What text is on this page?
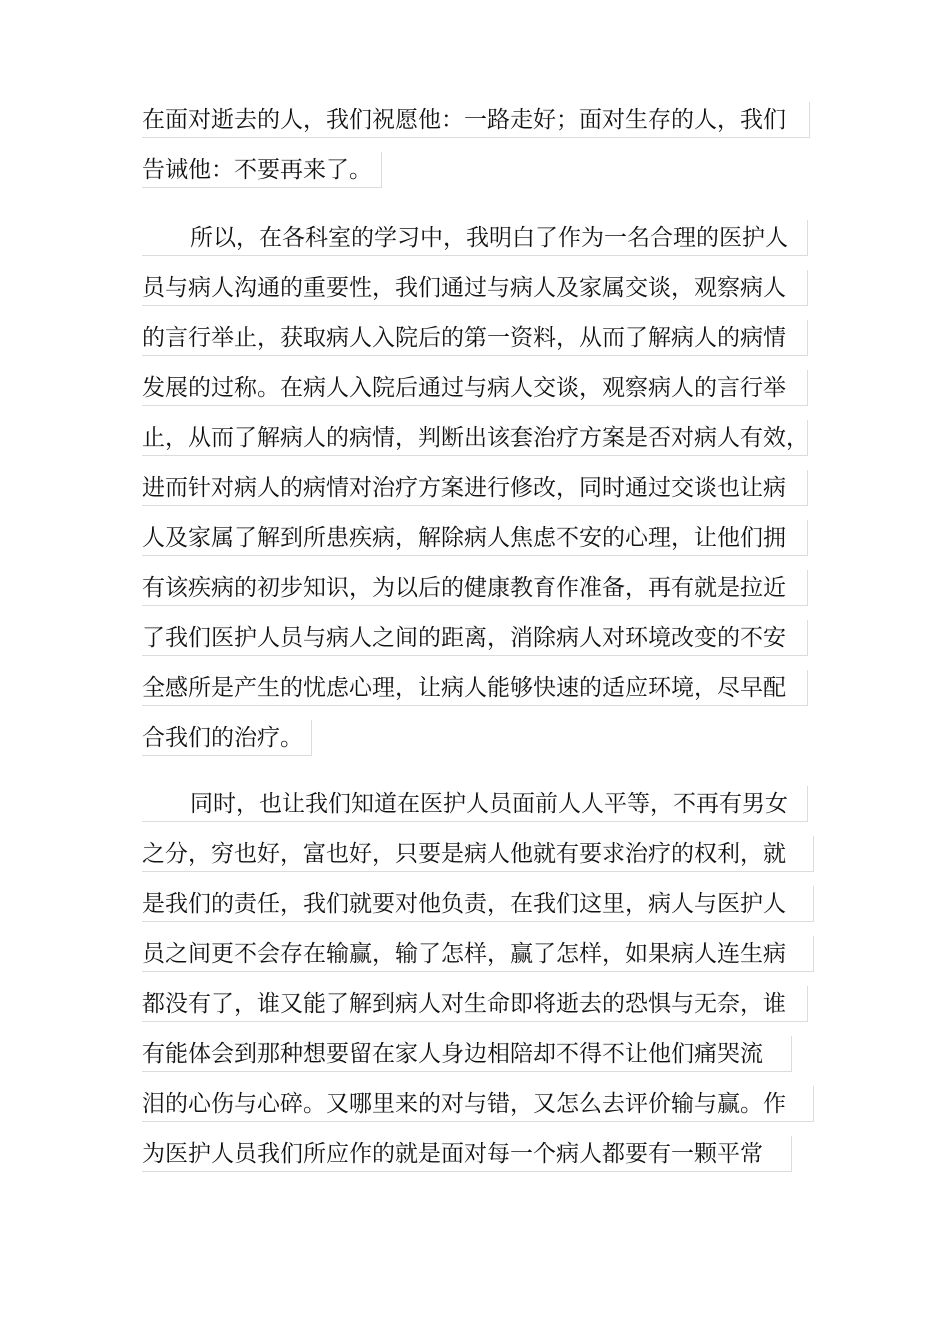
在面对逝去的人，我们祝愿他：一路走好；面对生存的人，我们
告诫他：不要再来了。
所以，在各科室的学习中，我明白了作为一名合理的医护人
员与病人沟通的重要性，我们通过与病人及家属交谈，观察病人
的言行举止，获取病人入院后的第一资料，从而了解病人的病情
发展的过称。在病人入院后通过与病人交谈，观察病人的言行举
止，从而了解病人的病情，判断出该套治疗方案是否对病人有效，
进而针对病人的病情对治疗方案进行修改，同时通过交谈也让病
人及家属了解到所患疾病，解除病人焦虑不安的心理，让他们拥
有该疾病的初步知识，为以后的健康教育作准备，再有就是拉近
了我们医护人员与病人之间的距离，消除病人对环境改变的不安
全感所是产生的忧虑心理，让病人能够快速的适应环境，尽早配
合我们的治疗。
同时，也让我们知道在医护人员面前人人平等，不再有男女
之分，穷也好，富也好，只要是病人他就有要求治疗的权利，就
是我们的责任，我们就要对他负责，在我们这里，病人与医护人
员之间更不会存在输赢，输了怎样，赢了怎样，如果病人连生病
都没有了，谁又能了解到病人对生命即将逝去的恐惧与无奈，谁
有能体会到那种想要留在家人身边相陪却不得不让他们痛哭流
泪的心伤与心碎。又哪里来的对与错，又怎么去评价输与赢。作
为医护人员我们所应作的就是面对每一个病人都要有一颗平常
